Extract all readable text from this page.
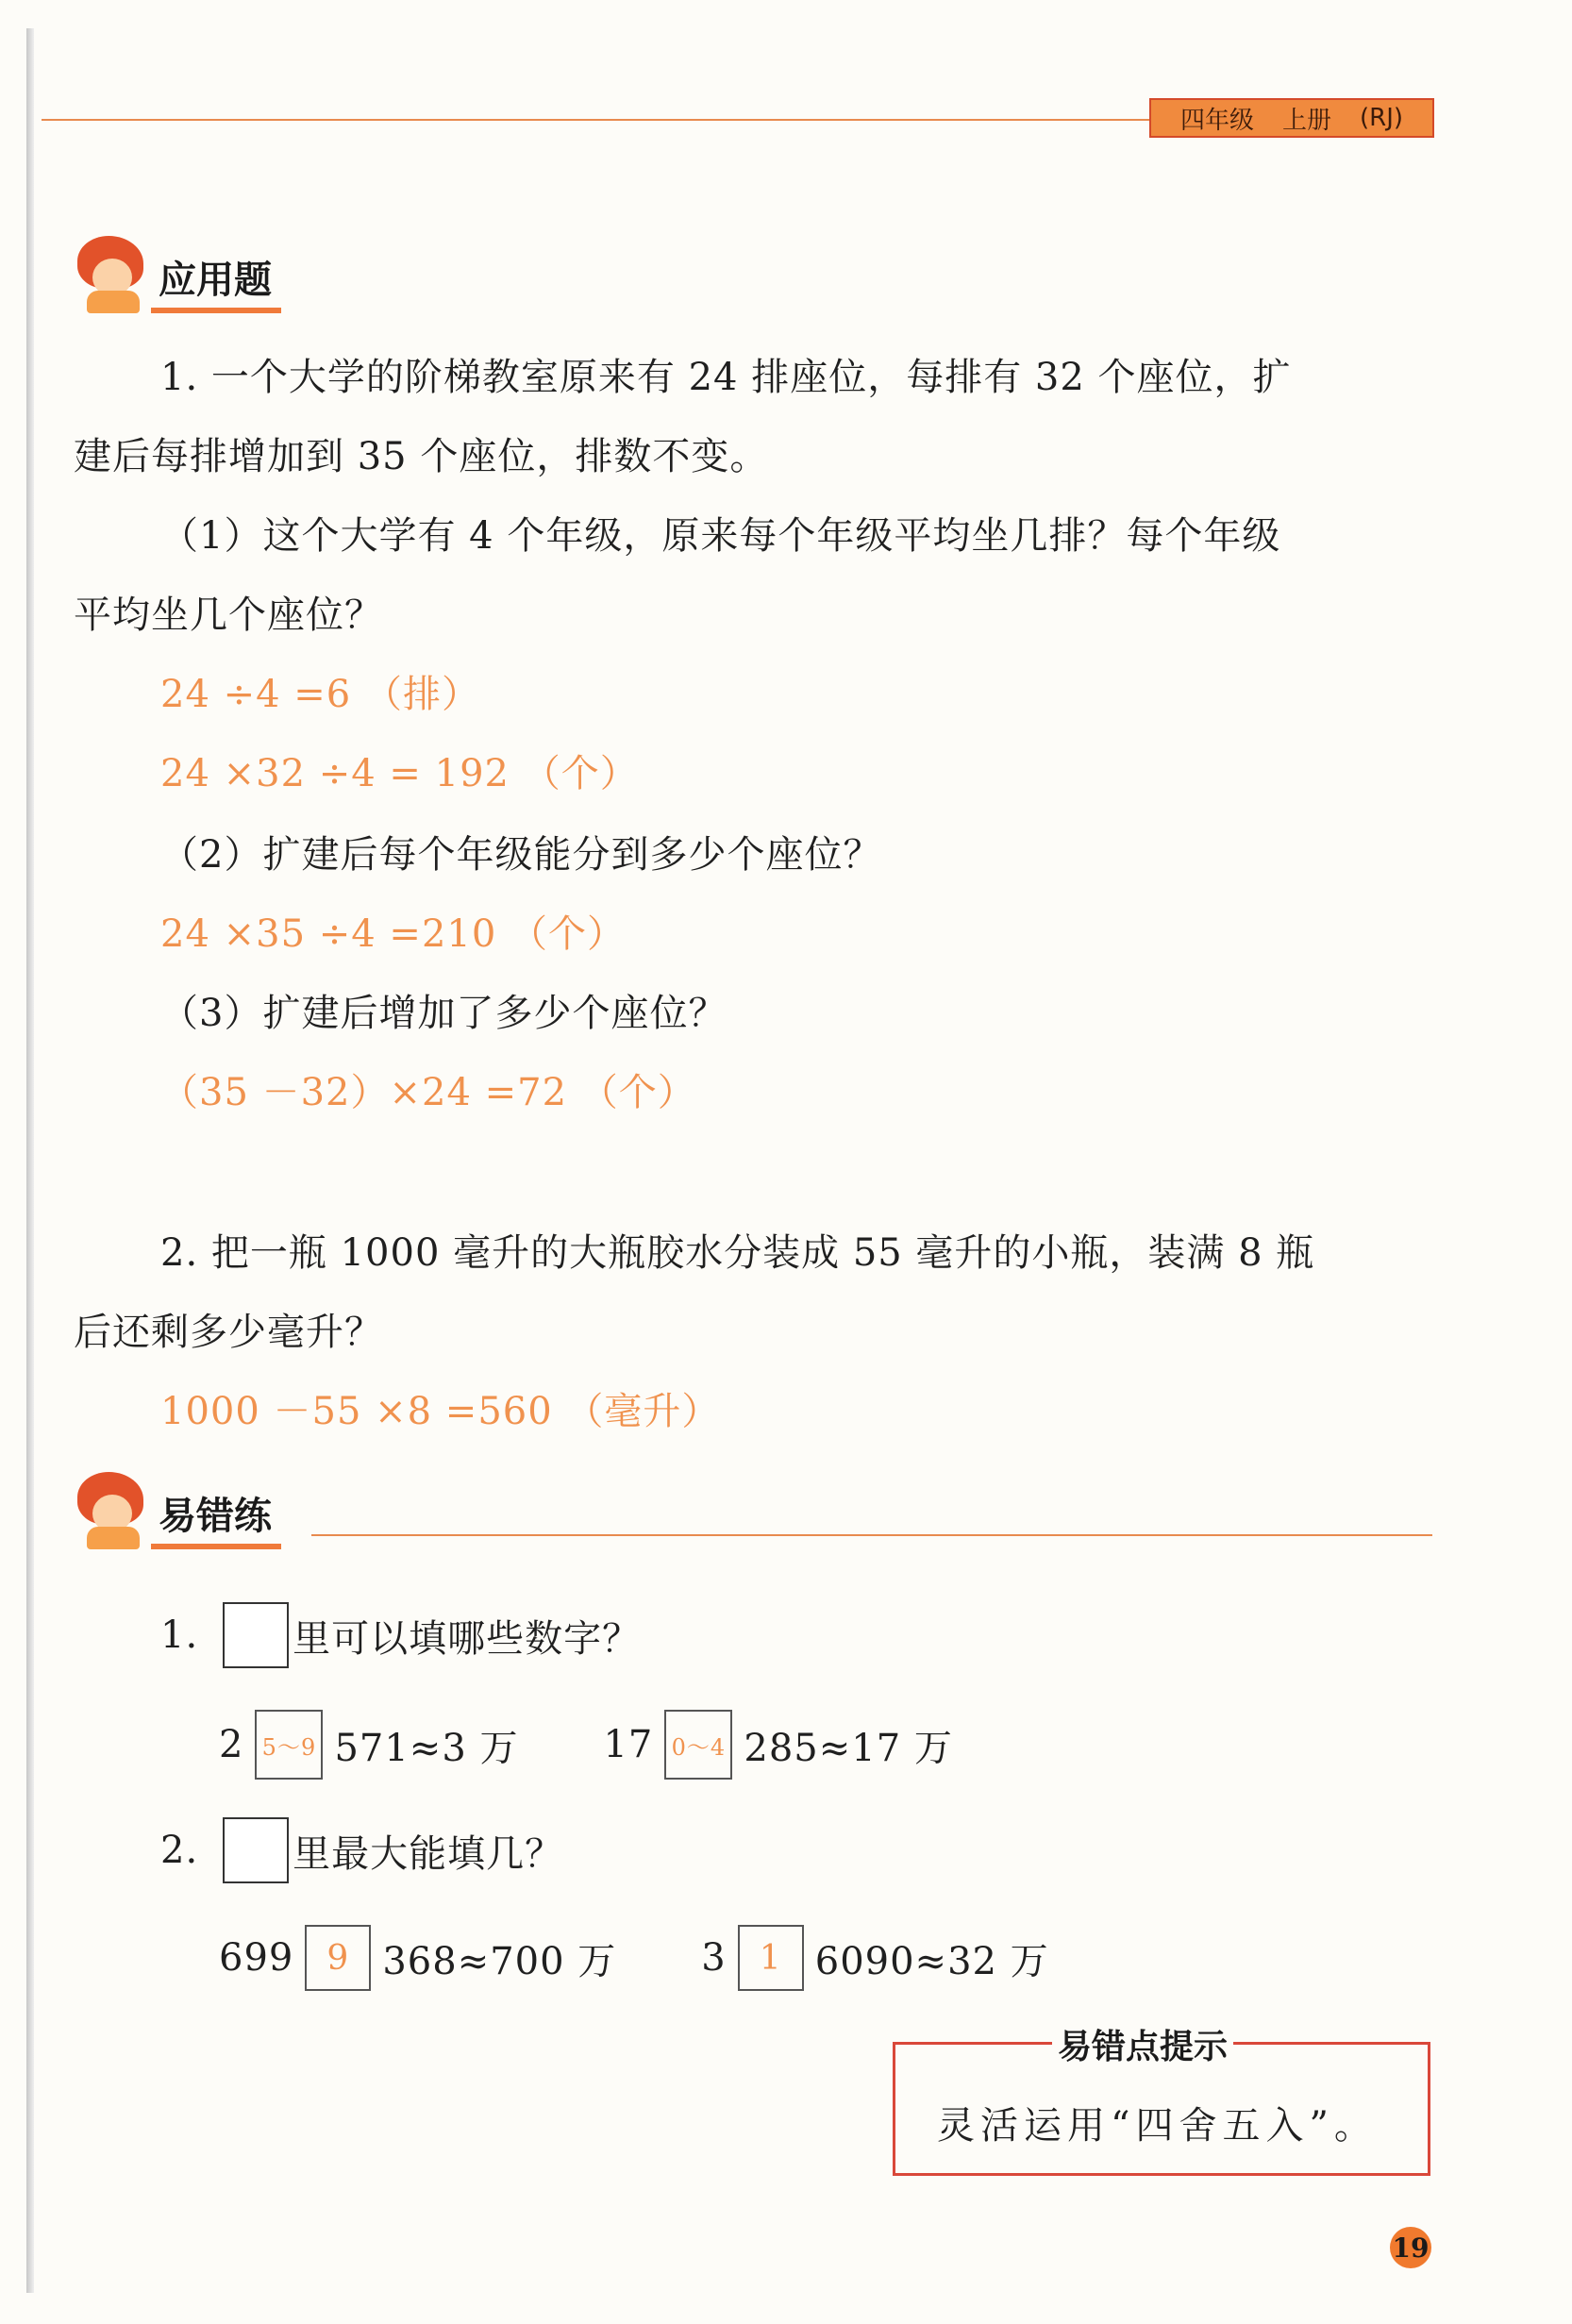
四年级 上册 (RJ)
应用题
1. 一个大学的阶梯教室原来有 24 排座位，每排有 32 个座位，扩
建后每排增加到 35 个座位，排数不变。
（1）这个大学有 4 个年级，原来每个年级平均坐几排？每个年级
平均坐几个座位？
24 ÷4 =6 （排）
24 ×32 ÷4 = 192 （个）
（2）扩建后每个年级能分到多少个座位？
24 ×35 ÷4 =210 （个）
（3）扩建后增加了多少个座位？
（35 －32）×24 =72 （个）
2. 把一瓶 1000 毫升的大瓶胶水分装成 55 毫升的小瓶，装满 8 瓶
后还剩多少毫升？
1000 －55 ×8 =560 （毫升）
易错练
1.	里可以填哪些数字？
2 5～9 571≈3 万 17 0～4 285≈17 万
2.	里最大能填几？
699 9 368≈700 万 3 1 6090≈32 万
易错点提示
灵活运用“四舍五入”。
19
